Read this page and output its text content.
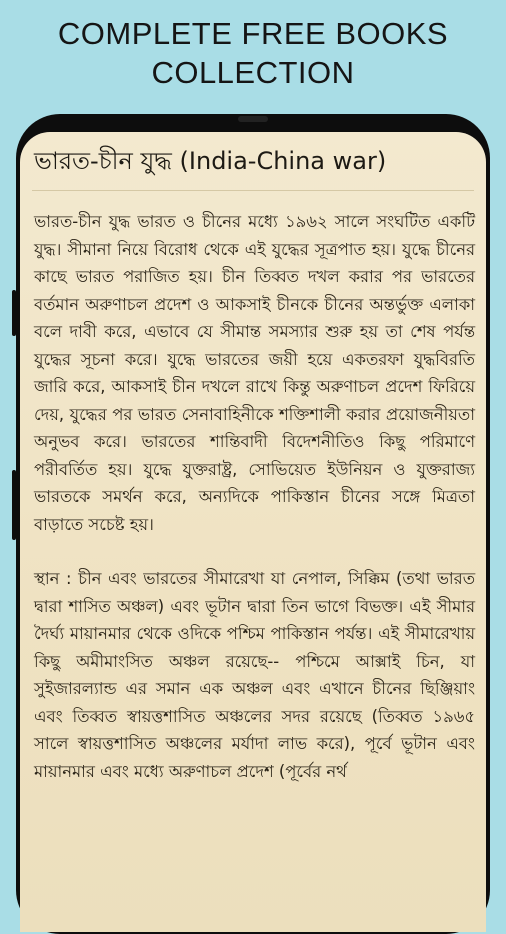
COMPLETE FREE BOOKS
COLLECTION
ভারত-চীন যুদ্ধ (India-China war)

ভারত-চীন যুদ্ধ ভারত ও চীনের মধ্যে ১৯৬২ সালে সংঘটিত একটি যুদ্ধ। সীমানা নিয়ে বিরোধ থেকে এই যুদ্ধের সূত্রপাত হয়। যুদ্ধে চীনের কাছে ভারত পরাজিত হয়। চীন তিব্বত দখল করার পর ভারতের বর্তমান অরুণাচল প্রদেশ ও আকসাই চীনকে চীনের অন্তর্ভুক্ত এলাকা বলে দাবী করে, এভাবে যে সীমান্ত সমস্যার শুরু হয় তা শেষ পর্যন্ত যুদ্ধের সূচনা করে। যুদ্ধে ভারতের জয়ী হয়ে একতরফা যুদ্ধবিরতি জারি করে, আকসাই চীন দখলে রাখে কিন্তু অরুণাচল প্রদেশ ফিরিয়ে দেয়, যুদ্ধের পর ভারত সেনাবাহিনীকে শক্তিশালী করার প্রয়োজনীয়তা অনুভব করে। ভারতের শান্তিবাদী বিদেশনীতিও কিছু পরিমাণে পরীবর্তিত হয়। যুদ্ধে যুক্তরাষ্ট্র, সোভিয়েত ইউনিয়ন ও যুক্তরাজ্য ভারতকে সমর্থন করে, অন্যদিকে পাকিস্তান চীনের সঙ্গে মিত্রতা বাড়াতে সচেষ্ট হয়।

স্থান : চীন এবং ভারতের সীমারেখা যা নেপাল, সিক্কিম (তথা ভারত দ্বারা শাসিত অঞ্চল) এবং ভূটান দ্বারা তিন ভাগে বিভক্ত। এই সীমার দৈর্ঘ্য মায়ানমার থেকে ওদিকে পশ্চিম পাকিস্তান পর্যন্ত। এই সীমারেখায় কিছু অমীমাংসিত অঞ্চল রয়েছে-- পশ্চিমে আক্সাই চিন, যা সুইজারল্যান্ড এর সমান এক অঞ্চল এবং এখানে চীনের ছিঞ্জিয়াং এবং তিব্বত স্বায়ত্তশাসিত অঞ্চলের সদর রয়েছে (তিব্বত ১৯৬৫ সালে স্বায়ত্তশাসিত অঞ্চলের মর্যাদা লাভ করে), পূর্বে ভূটান এবং মায়ানমার এবং মধ্যে অরুণাচল প্রদেশ (পূর্বের নর্থ
